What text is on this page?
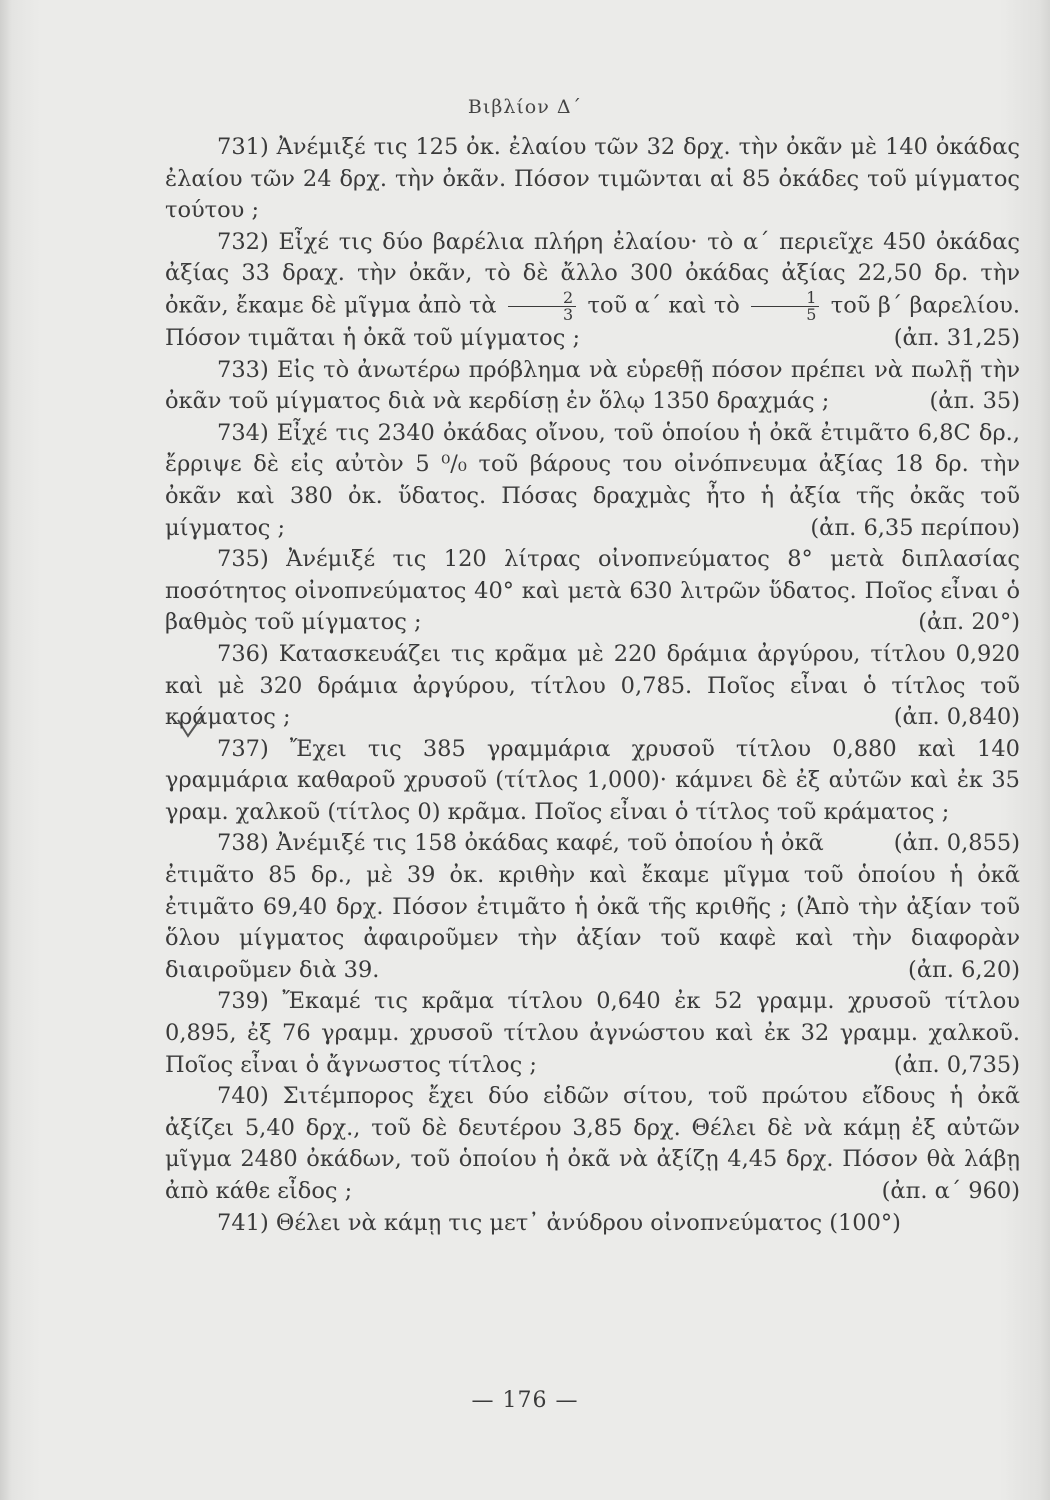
Βιβλίον Δ΄

731) Ἀνέμιξέ τις 125 ὀκ. ἐλαίου τῶν 32 δρχ. τὴν ὀκᾶν μὲ 140 ὀκάδας ἐλαίου τῶν 24 δρχ. τὴν ὀκᾶν. Πόσον τιμῶνται αἱ 85 ὀκάδες τοῦ μίγματος τούτου ;

732) Εἶχέ τις δύο βαρέλια πλήρη ἐλαίου· τὸ α΄ περιεῖχε 450 ὀκάδας ἀξίας 33 δραχ. τὴν ὀκᾶν, τὸ δὲ ἄλλο 300 ὀκάδας ἀξίας 22,50 δρ. τὴν ὀκᾶν, ἔκαμε δὲ μῖγμα ἀπὸ τὰ $\frac{2}{3}$ τοῦ α΄ καὶ τὸ $\frac{1}{5}$ τοῦ β΄ βαρελίου. Πόσον τιμᾶται ἡ ὀκᾶ τοῦ μίγματος ;	(ἀπ. 31,25)

733) Εἰς τὸ ἀνωτέρω πρόβλημα νὰ εὑρεθῇ πόσον πρέπει νὰ πωλῇ τὴν ὀκᾶν τοῦ μίγματος διὰ νὰ κερδίσῃ ἐν ὅλῳ 1350 δραχμάς ;	(ἀπ. 35)

734) Εἶχέ τις 2340 ὀκάδας οἴνου, τοῦ ὁποίου ἡ ὀκᾶ ἐτιμᾶτο 6,8C δρ., ἔρριψε δὲ εἰς αὐτὸν 5 ⁰/₀ τοῦ βάρους του οἰνόπνευμα ἀξίας 18 δρ. τὴν ὀκᾶν καὶ 380 ὀκ. ὕδατος. Πόσας δραχμὰς ἦτο ἡ ἀξία τῆς ὀκᾶς τοῦ μίγματος ;	(ἀπ. 6,35 περίπου)

735) Ἀνέμιξέ τις 120 λίτρας οἰνοπνεύματος 8° μετὰ διπλασίας ποσότητος οἰνοπνεύματος 40° καὶ μετὰ 630 λιτρῶν ὕδατος. Ποῖος εἶναι ὁ βαθμὸς τοῦ μίγματος ;	(ἀπ. 20°)

736) Κατασκευάζει τις κρᾶμα μὲ 220 δράμια ἀργύρου, τίτλου 0,920 καὶ μὲ 320 δράμια ἀργύρου, τίτλου 0,785. Ποῖος εἶναι ὁ τίτλος τοῦ κράματος ;	(ἀπ. 0,840)

737) Ἔχει τις 385 γραμμάρια χρυσοῦ τίτλου 0,880 καὶ 140 γραμμάρια καθαροῦ χρυσοῦ (τίτλος 1,000)· κάμνει δὲ ἐξ αὐτῶν καὶ ἐκ 35 γραμ. χαλκοῦ (τίτλος 0) κρᾶμα. Ποῖος εἶναι ὁ τίτλος τοῦ κράματος ;
(ἀπ. 0,855)

738) Ἀνέμιξέ τις 158 ὀκάδας καφέ, τοῦ ὁποίου ἡ ὀκᾶ ἐτιμᾶτο 85 δρ., μὲ 39 ὀκ. κριθὴν καὶ ἔκαμε μῖγμα τοῦ ὁποίου ἡ ὀκᾶ ἐτιμᾶτο 69,40 δρχ. Πόσον ἐτιμᾶτο ἡ ὀκᾶ τῆς κριθῆς ; (Ἀπὸ τὴν ἀξίαν τοῦ ὅλου μίγματος ἀφαιροῦμεν τὴν ἀξίαν τοῦ καφὲ καὶ τὴν διαφορὰν διαιροῦμεν διὰ 39.	(ἀπ. 6,20)

739) Ἔκαμέ τις κρᾶμα τίτλου 0,640 ἐκ 52 γραμμ. χρυσοῦ τίτλου 0,895, ἐξ 76 γραμμ. χρυσοῦ τίτλου ἀγνώστου καὶ ἐκ 32 γραμμ. χαλκοῦ. Ποῖος εἶναι ὁ ἄγνωστος τίτλος ;	(ἀπ. 0,735)

740) Σιτέμπορος ἔχει δύο εἰδῶν σίτου, τοῦ πρώτου εἴδους ἡ ὀκᾶ ἀξίζει 5,40 δρχ., τοῦ δὲ δευτέρου 3,85 δρχ. Θέλει δὲ νὰ κάμῃ ἐξ αὐτῶν μῖγμα 2480 ὀκάδων, τοῦ ὁποίου ἡ ὀκᾶ νὰ ἀξίζῃ 4,45 δρχ. Πόσον θὰ λάβῃ ἀπὸ κάθε εἶδος ;	(ἀπ. α΄ 960)

741) Θέλει νὰ κάμῃ τις μετ᾽ ἀνύδρου οἰνοπνεύματος (100°)

— 176 —
